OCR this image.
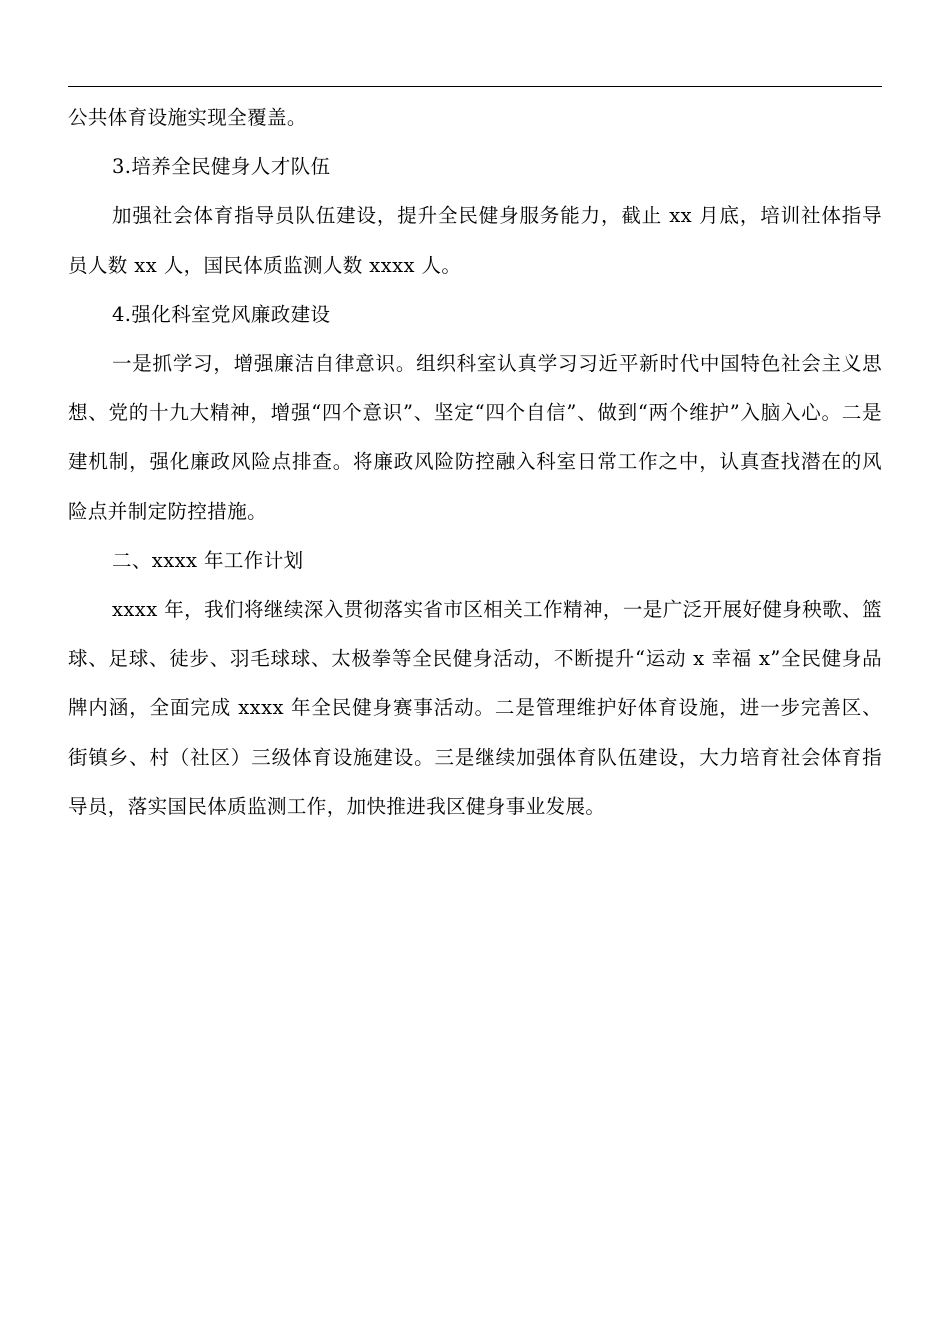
公共体育设施实现全覆盖。

3.培养全民健身人才队伍

加强社会体育指导员队伍建设，提升全民健身服务能力，截止 xx 月底，培训社体指导员人数 xx 人，国民体质监测人数 xxxx 人。

4.强化科室党风廉政建设

一是抓学习，增强廉洁自律意识。组织科室认真学习习近平新时代中国特色社会主义思想、党的十九大精神，增强“四个意识”、坚定“四个自信”、做到“两个维护”入脑入心。二是建机制，强化廉政风险点排查。将廉政风险防控融入科室日常工作之中，认真查找潜在的风险点并制定防控措施。

二、xxxx 年工作计划

xxxx 年，我们将继续深入贯彻落实省市区相关工作精神，一是广泛开展好健身秧歌、篮球、足球、徒步、羽毛球球、太极拳等全民健身活动，不断提升“运动 x 幸福 x”全民健身品牌内涵，全面完成 xxxx 年全民健身赛事活动。二是管理维护好体育设施，进一步完善区、街镇乡、村（社区）三级体育设施建设。三是继续加强体育队伍建设，大力培育社会体育指导员，落实国民体质监测工作，加快推进我区健身事业发展。
